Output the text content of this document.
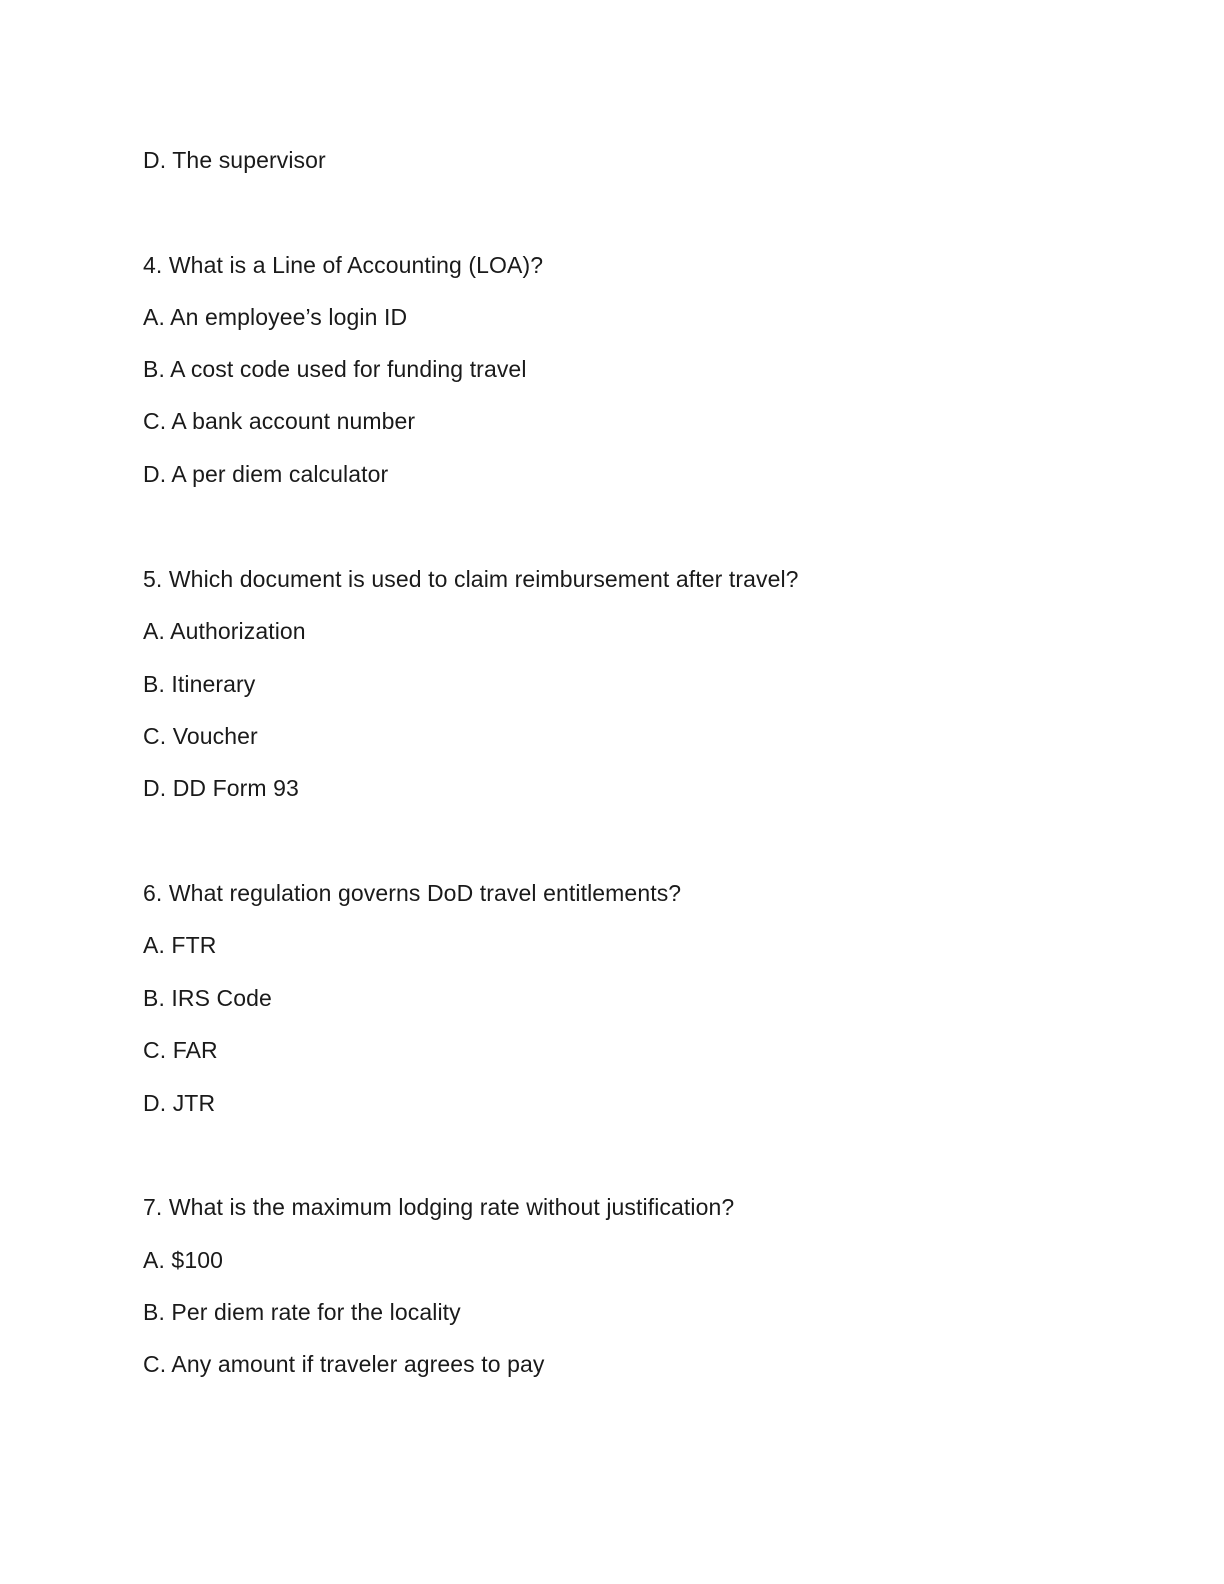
D. The supervisor
4. What is a Line of Accounting (LOA)?
A. An employee’s login ID
B. A cost code used for funding travel
C. A bank account number
D. A per diem calculator
5. Which document is used to claim reimbursement after travel?
A. Authorization
B. Itinerary
C. Voucher
D. DD Form 93
6. What regulation governs DoD travel entitlements?
A. FTR
B. IRS Code
C. FAR
D. JTR
7. What is the maximum lodging rate without justification?
A. $100
B. Per diem rate for the locality
C. Any amount if traveler agrees to pay
